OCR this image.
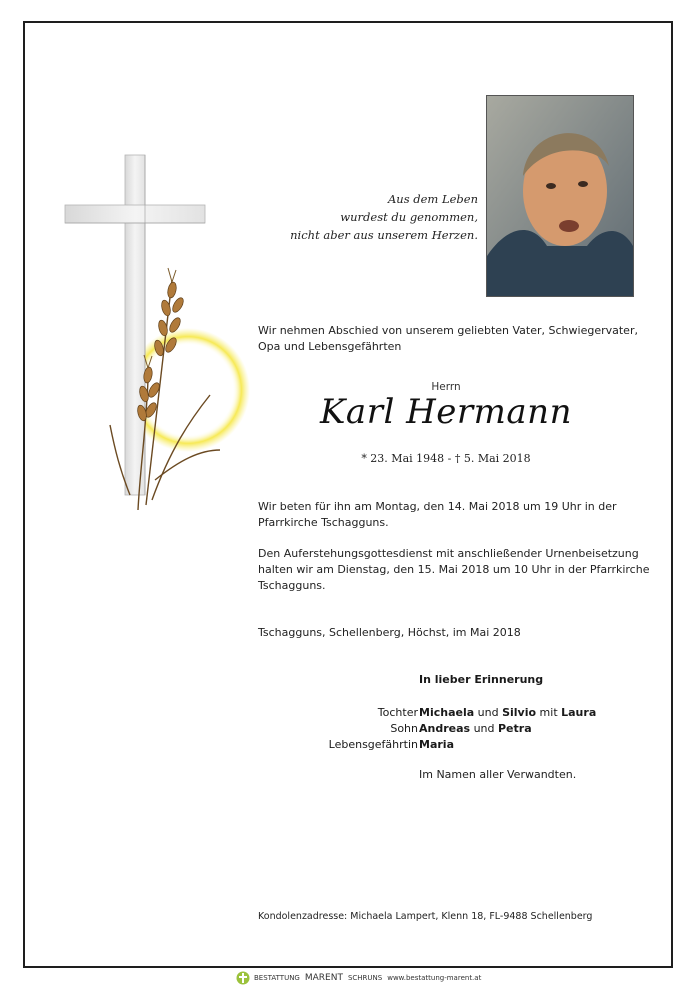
Aus dem Leben
wurdest du genommen,
nicht aber aus unserem Herzen.
Wir nehmen Abschied von unserem geliebten Vater, Schwiegervater,
Opa und Lebensgefährten
Herrn
Karl Hermann
* 23. Mai 1948 - † 5. Mai 2018
Wir beten für ihn am Montag, den 14. Mai 2018 um 19 Uhr in der
Pfarrkirche Tschagguns.
Den Auferstehungsgottesdienst mit anschließender Urnenbeisetzung
halten wir am Dienstag, den 15. Mai 2018 um 10 Uhr in der Pfarrkirche
Tschagguns.
Tschagguns, Schellenberg, Höchst, im Mai 2018
In lieber Erinnerung
Tochter
Sohn
Lebensgefährtin
Michaela und Silvio mit Laura
Andreas und Petra
Maria
Im Namen aller Verwandten.
Kondolenzadresse: Michaela Lampert, Klenn 18, FL-9488 Schellenberg
BESTATTUNG MARENT SCHRUNS www.bestattung-marent.at
